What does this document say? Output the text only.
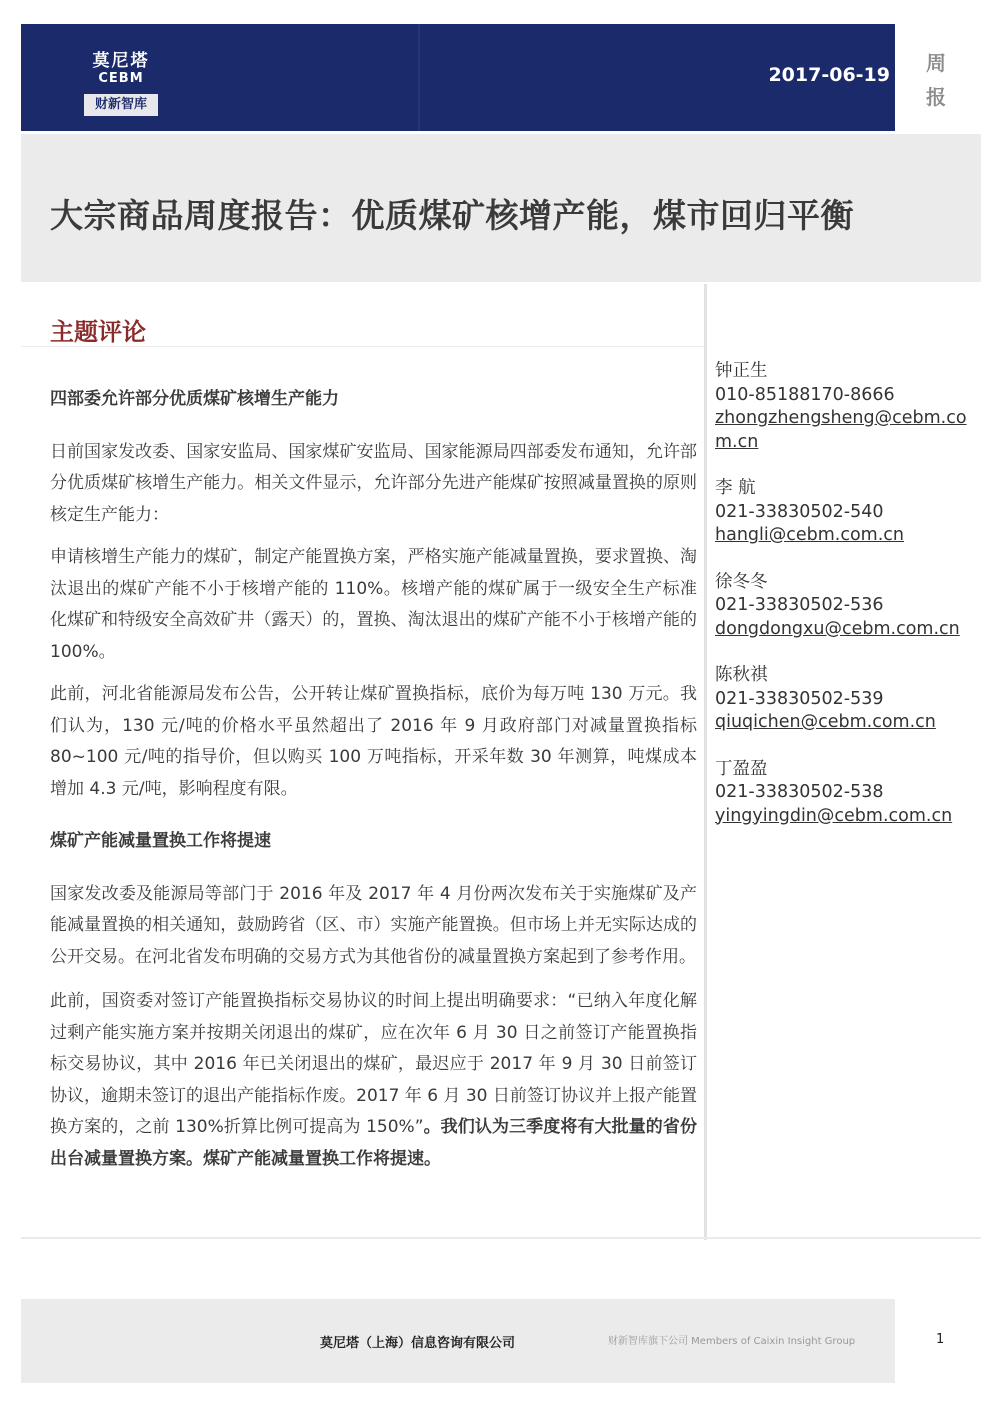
莫尼塔
CEBM
财新智库
2017-06-19 周报
大宗商品周度报告：优质煤矿核增产能，煤市回归平衡
主题评论

四部委允许部分优质煤矿核增生产能力

日前国家发改委、国家安监局、国家煤矿安监局、国家能源局四部委发布通知，允许部分优质煤矿核增生产能力。相关文件显示，允许部分先进产能煤矿按照减量置换的原则核定生产能力：

申请核增生产能力的煤矿，制定产能置换方案，严格实施产能减量置换，要求置换、淘汰退出的煤矿产能不小于核增产能的 110%。核增产能的煤矿属于一级安全生产标准化煤矿和特级安全高效矿井（露天）的，置换、淘汰退出的煤矿产能不小于核增产能的 100%。

此前，河北省能源局发布公告，公开转让煤矿置换指标，底价为每万吨 130 万元。我们认为，130 元/吨的价格水平虽然超出了 2016 年 9 月政府部门对减量置换指标 80~100 元/吨的指导价，但以购买 100 万吨指标，开采年数 30 年测算，吨煤成本增加 4.3 元/吨，影响程度有限。

煤矿产能减量置换工作将提速

国家发改委及能源局等部门于 2016 年及 2017 年 4 月份两次发布关于实施煤矿及产能减量置换的相关通知，鼓励跨省（区、市）实施产能置换。但市场上并无实际达成的公开交易。在河北省发布明确的交易方式为其他省份的减量置换方案起到了参考作用。

此前，国资委对签订产能置换指标交易协议的时间上提出明确要求：“已纳入年度化解过剩产能实施方案并按期关闭退出的煤矿，应在次年 6 月 30 日之前签订产能置换指标交易协议，其中 2016 年已关闭退出的煤矿，最迟应于 2017 年 9 月 30 日前签订协议，逾期未签订的退出产能指标作废。2017 年 6 月 30 日前签订协议并上报产能置换方案的，之前 130%折算比例可提高为 150%”。我们认为三季度将有大批量的省份出台减量置换方案。煤矿产能减量置换工作将提速。

钟正生
010-85188170-8666
zhongzhengsheng@cebm.com.cn
李 航
021-33830502-540
hangli@cebm.com.cn
徐冬冬
021-33830502-536
dongdongxu@cebm.com.cn
陈秋祺
021-33830502-539
qiuqichen@cebm.com.cn
丁盈盈
021-33830502-538
yingyingdin@cebm.com.cn
莫尼塔（上海）信息咨询有限公司	财新智库旗下公司 Members of Caixin Insight Group	1
